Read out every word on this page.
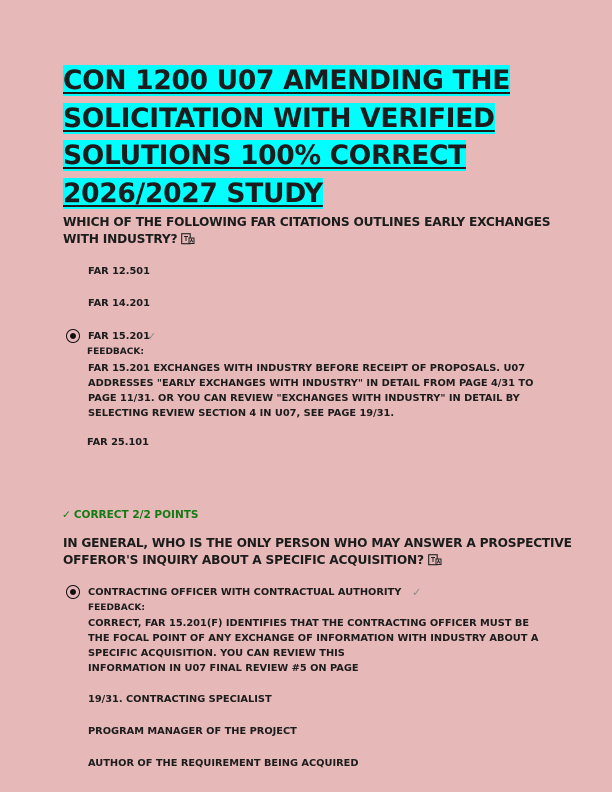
CON 1200 U07 AMENDING THE SOLICITATION WITH VERIFIED SOLUTIONS 100% CORRECT 2026/2027 STUDY

WHICH OF THE FOLLOWING FAR CITATIONS OUTLINES EARLY EXCHANGES WITH INDUSTRY?

FAR 12.501

FAR 14.201

FAR 15.201

✓

FEEDBACK:

FAR 15.201 EXCHANGES WITH INDUSTRY BEFORE RECEIPT OF PROPOSALS. U07 ADDRESSES "EARLY EXCHANGES WITH INDUSTRY" IN DETAIL FROM PAGE 4/31 TO PAGE 11/31. OR YOU CAN REVIEW "EXCHANGES WITH INDUSTRY" IN DETAIL BY SELECTING REVIEW SECTION 4 IN U07, SEE PAGE 19/31.

FAR 25.101

✓ CORRECT 2/2 POINTS

IN GENERAL, WHO IS THE ONLY PERSON WHO MAY ANSWER A PROSPECTIVE OFFEROR'S INQUIRY ABOUT A SPECIFIC ACQUISITION?

CONTRACTING OFFICER WITH CONTRACTUAL AUTHORITY ✓

FEEDBACK:

CORRECT, FAR 15.201(F) IDENTIFIES THAT THE CONTRACTING OFFICER MUST BE THE FOCAL POINT OF ANY EXCHANGE OF INFORMATION WITH INDUSTRY ABOUT A SPECIFIC ACQUISITION. YOU CAN REVIEW THIS
INFORMATION IN U07 FINAL REVIEW #5 ON PAGE

19/31. CONTRACTING SPECIALIST

PROGRAM MANAGER OF THE PROJECT

AUTHOR OF THE REQUIREMENT BEING ACQUIRED
